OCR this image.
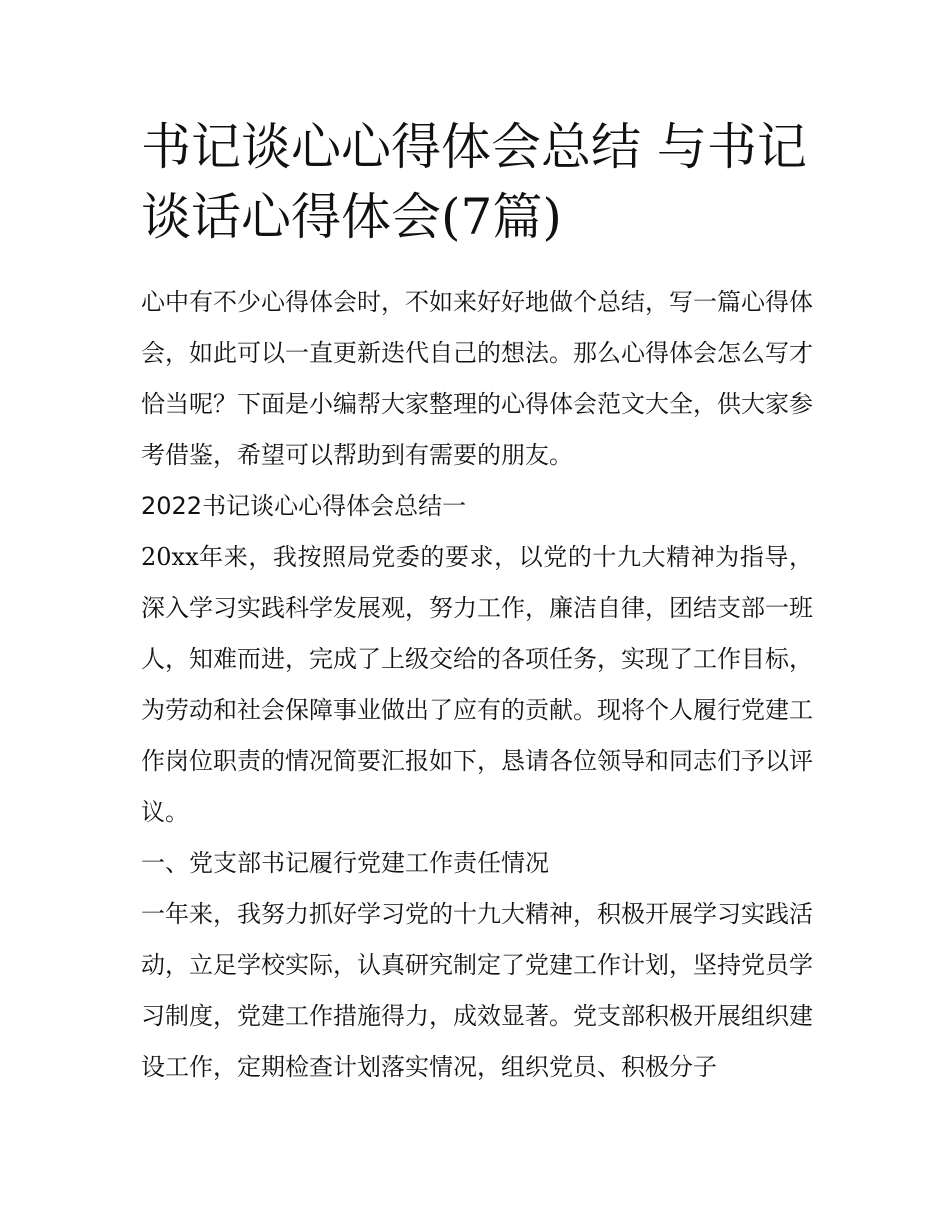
书记谈心心得体会总结 与书记谈话心得体会(7篇)

心中有不少心得体会时，不如来好好地做个总结，写一篇心得体会，如此可以一直更新迭代自己的想法。那么心得体会怎么写才恰当呢？下面是小编帮大家整理的心得体会范文大全，供大家参考借鉴，希望可以帮助到有需要的朋友。

2022书记谈心心得体会总结一

20xx年来，我按照局党委的要求，以党的十九大精神为指导，深入学习实践科学发展观，努力工作，廉洁自律，团结支部一班人，知难而进，完成了上级交给的各项任务，实现了工作目标，为劳动和社会保障事业做出了应有的贡献。现将个人履行党建工作岗位职责的情况简要汇报如下，恳请各位领导和同志们予以评议。

一、党支部书记履行党建工作责任情况

一年来，我努力抓好学习党的十九大精神，积极开展学习实践活动，立足学校实际，认真研究制定了党建工作计划，坚持党员学习制度，党建工作措施得力，成效显著。党支部积极开展组织建设工作，定期检查计划落实情况，组织党员、积极分子
